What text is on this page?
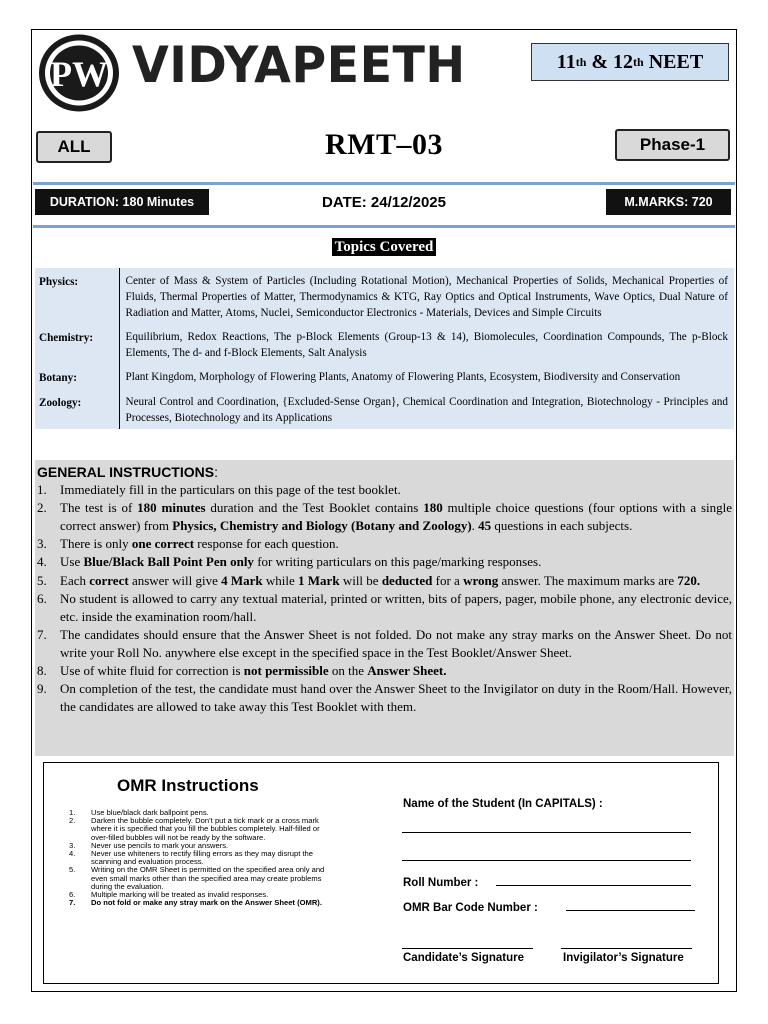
PW VIDYAPEETH	11 th & 12 th NEET
ALL	RMT–03	Phase-1
DURATION: 180 Minutes	DATE: 24/12/2025	M.MARKS: 720
Topics Covered
Physics:	Center of Mass & System of Particles (Including Rotational Motion), Mechanical Properties of Solids, Mechanical Properties of Fluids, Thermal Properties of Matter, Thermodynamics & KTG, Ray Optics and Optical Instruments, Wave Optics, Dual Nature of Radiation and Matter, Atoms, Nuclei, Semiconductor Electronics - Materials, Devices and Simple Circuits
Chemistry:	Equilibrium, Redox Reactions, The p-Block Elements (Group-13 & 14), Biomolecules, Coordination Compounds, The p-Block Elements, The d- and f-Block Elements, Salt Analysis
Botany:	Plant Kingdom, Morphology of Flowering Plants, Anatomy of Flowering Plants, Ecosystem, Biodiversity and Conservation
Zoology:	Neural Control and Coordination, {Excluded-Sense Organ}, Chemical Coordination and Integration, Biotechnology - Principles and Processes, Biotechnology and its Applications
GENERAL INSTRUCTIONS:
1. Immediately fill in the particulars on this page of the test booklet.
2. The test is of 180 minutes duration and the Test Booklet contains 180 multiple choice questions (four options with a single correct answer) from Physics, Chemistry and Biology (Botany and Zoology). 45 questions in each subjects.
3. There is only one correct response for each question.
4. Use Blue/Black Ball Point Pen only for writing particulars on this page/marking responses.
5. Each correct answer will give 4 Mark while 1 Mark will be deducted for a wrong answer. The maximum marks are 720.
6. No student is allowed to carry any textual material, printed or written, bits of papers, pager, mobile phone, any electronic device, etc. inside the examination room/hall.
7. The candidates should ensure that the Answer Sheet is not folded. Do not make any stray marks on the Answer Sheet. Do not write your Roll No. anywhere else except in the specified space in the Test Booklet/Answer Sheet.
8. Use of white fluid for correction is not permissible on the Answer Sheet.
9. On completion of the test, the candidate must hand over the Answer Sheet to the Invigilator on duty in the Room/Hall. However, the candidates are allowed to take away this Test Booklet with them.
OMR Instructions
1. Use blue/black dark ballpoint pens.
2. Darken the bubble completely. Don’t put a tick mark or a cross mark where it is specified that you fill the bubbles completely. Half-filled or over-filled bubbles will not be ready by the software.
3. Never use pencils to mark your answers.
4. Never use whiteners to rectify filling errors as they may disrupt the scanning and evaluation process.
5. Writing on the OMR Sheet is permitted on the specified area only and even small marks other than the specified area may create problems during the evaluation.
6. Multiple marking will be treated as invalid responses.
7. Do not fold or make any stray mark on the Answer Sheet (OMR).
Name of the Student (In CAPITALS) :
Roll Number :
OMR Bar Code Number :
Candidate’s Signature	Invigilator’s Signature
